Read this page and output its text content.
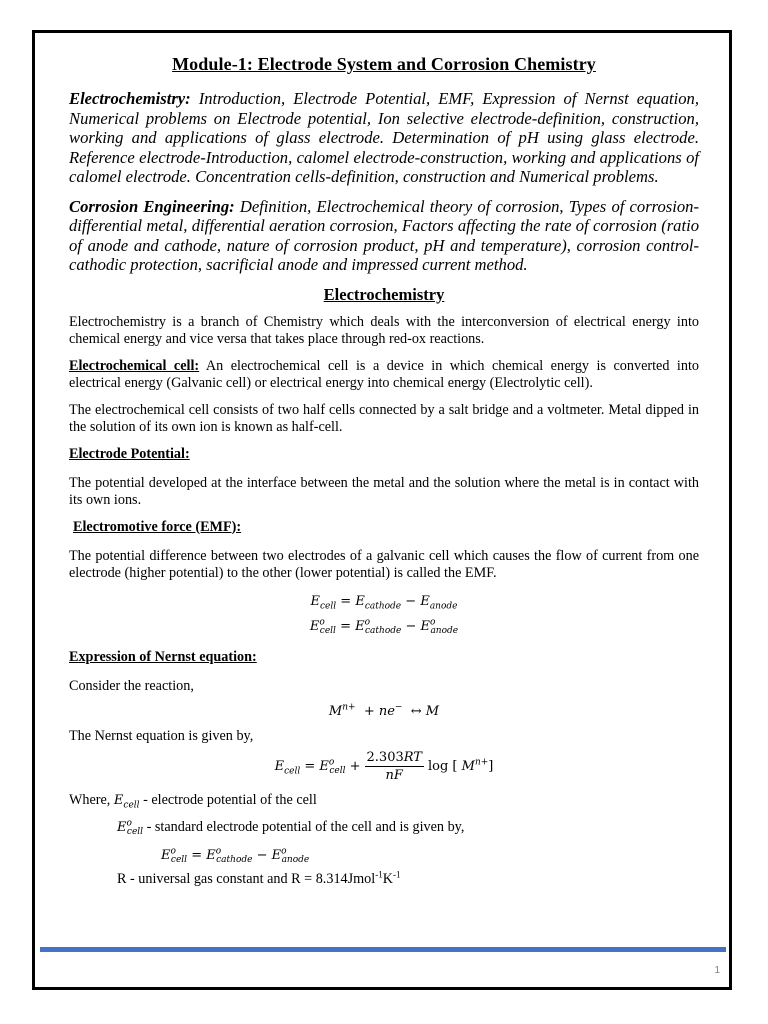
Module-1: Electrode System and Corrosion Chemistry

Electrochemistry: Introduction, Electrode Potential, EMF, Expression of Nernst equation, Numerical problems on Electrode potential, Ion selective electrode-definition, construction, working and applications of glass electrode. Determination of pH using glass electrode. Reference electrode-Introduction, calomel electrode-construction, working and applications of calomel electrode. Concentration cells-definition, construction and Numerical problems.

Corrosion Engineering: Definition, Electrochemical theory of corrosion, Types of corrosion-differential metal, differential aeration corrosion, Factors affecting the rate of corrosion (ratio of anode and cathode, nature of corrosion product, pH and temperature), corrosion control-cathodic protection, sacrificial anode and impressed current method.

Electrochemistry

Electrochemistry is a branch of Chemistry which deals with the interconversion of electrical energy into chemical energy and vice versa that takes place through red-ox reactions.

Electrochemical cell: An electrochemical cell is a device in which chemical energy is converted into electrical energy (Galvanic cell) or electrical energy into chemical energy (Electrolytic cell).

The electrochemical cell consists of two half cells connected by a salt bridge and a voltmeter. Metal dipped in the solution of its own ion is known as half-cell.

Electrode Potential:

The potential developed at the interface between the metal and the solution where the metal is in contact with its own ions.

Electromotive force (EMF):

The potential difference between two electrodes of a galvanic cell which causes the flow of current from one electrode (higher potential) to the other (lower potential) is called the EMF.

$E_{cell} = E_{cathode} - E_{anode}$
$E^o_{cell} = E^o_{cathode} - E^o_{anode}$
Expression of Nernst equation:

Consider the reaction,

$M^{n+} + ne^-$ ↔ M

The Nernst equation is given by,

$E_{cell} = E^o_{cell} + \frac{2.303RT}{nF}$ log [ $M^{n+}$]
Where, $E_{cell}$ - electrode potential of the cell
$E^o_{cell}$ - standard electrode potential of the cell and is given by,
$E^o_{cell} = E^o_{cathode} - E^o_{anode}$
R - universal gas constant and $R = 8.314Jmol^{-1}K^{-1}$
1
